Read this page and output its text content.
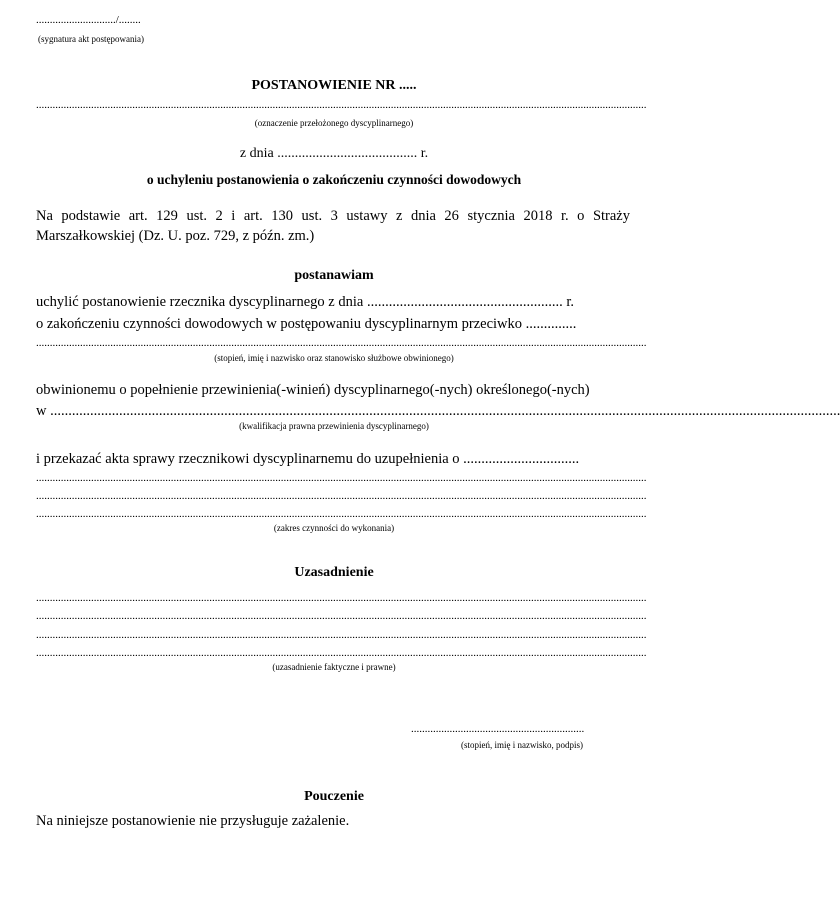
............................./........
(sygnatura akt postępowania)
POSTANOWIENIE NR .....
..............................................................................................................................................................................................................................
(oznaczenie przełożonego dyscyplinarnego)
z dnia ........................................ r.
o uchyleniu postanowienia o zakończeniu czynności dowodowych
Na podstawie art. 129 ust. 2 i art. 130 ust. 3 ustawy z dnia 26 stycznia 2018 r. o Straży
Marszałkowskiej (Dz. U. poz. 729, z późn. zm.)
postanawiam
uchylić postanowienie rzecznika dyscyplinarnego z dnia ...................................................... r.
o zakończeniu czynności dowodowych w postępowaniu dyscyplinarnym przeciwko ..............
..............................................................................................................................................................................................................................
(stopień, imię i nazwisko oraz stanowisko służbowe obwinionego)
obwinionemu o popełnienie przewinienia(-winień) dyscyplinarnego(-nych) określonego(-nych)
w ..........................................................................................................................................................................................................................
(kwalifikacja prawna przewinienia dyscyplinarnego)
i przekazać akta sprawy rzecznikowi dyscyplinarnemu do uzupełnienia o ................................
..............................................................................................................................................................................................................................
..............................................................................................................................................................................................................................
..............................................................................................................................................................................................................................
(zakres czynności do wykonania)
Uzasadnienie
..............................................................................................................................................................................................................................
..............................................................................................................................................................................................................................
..............................................................................................................................................................................................................................
..............................................................................................................................................................................................................................
(uzasadnienie faktyczne i prawne)
...............................................................
(stopień, imię i nazwisko, podpis)
Pouczenie
Na niniejsze postanowienie nie przysługuje zażalenie.
